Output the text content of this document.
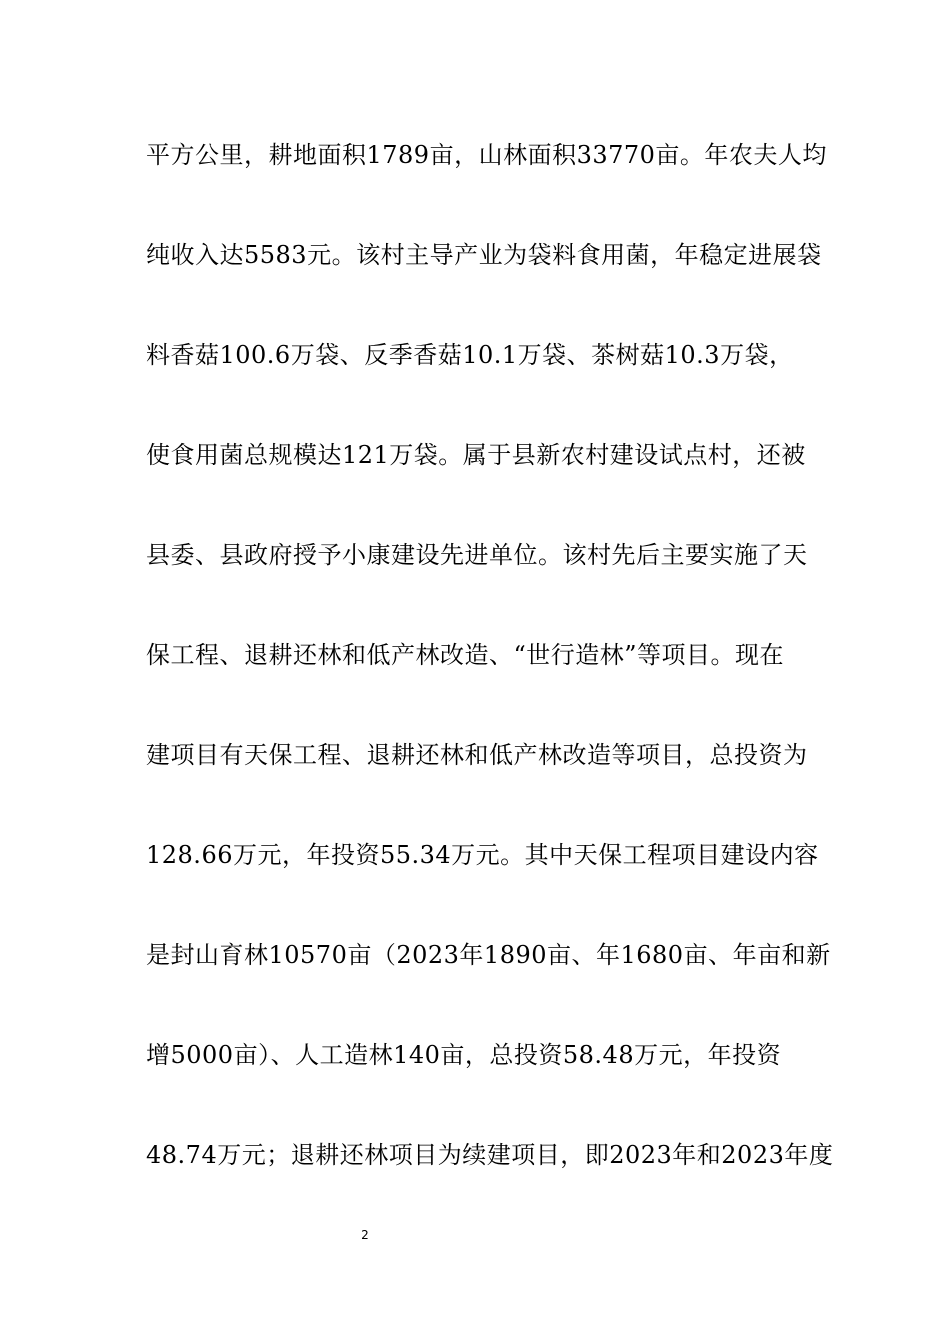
平方公里，耕地面积1789亩，山林面积33770亩。年农夫人均
纯收入达5583元。该村主导产业为袋料食用菌，年稳定进展袋
料香菇100.6万袋、反季香菇10.1万袋、茶树菇10.3万袋，
使食用菌总规模达121万袋。属于县新农村建设试点村，还被
县委、县政府授予小康建设先进单位。该村先后主要实施了天
保工程、退耕还林和低产林改造、“世行造林”等项目。现在
建项目有天保工程、退耕还林和低产林改造等项目，总投资为
128.66万元，年投资55.34万元。其中天保工程项目建设内容
是封山育林10570亩（2023年1890亩、年1680亩、年亩和新
增5000亩）、人工造林140亩，总投资58.48万元，年投资
48.74万元；退耕还林项目为续建项目，即2023年和2023年度
2
